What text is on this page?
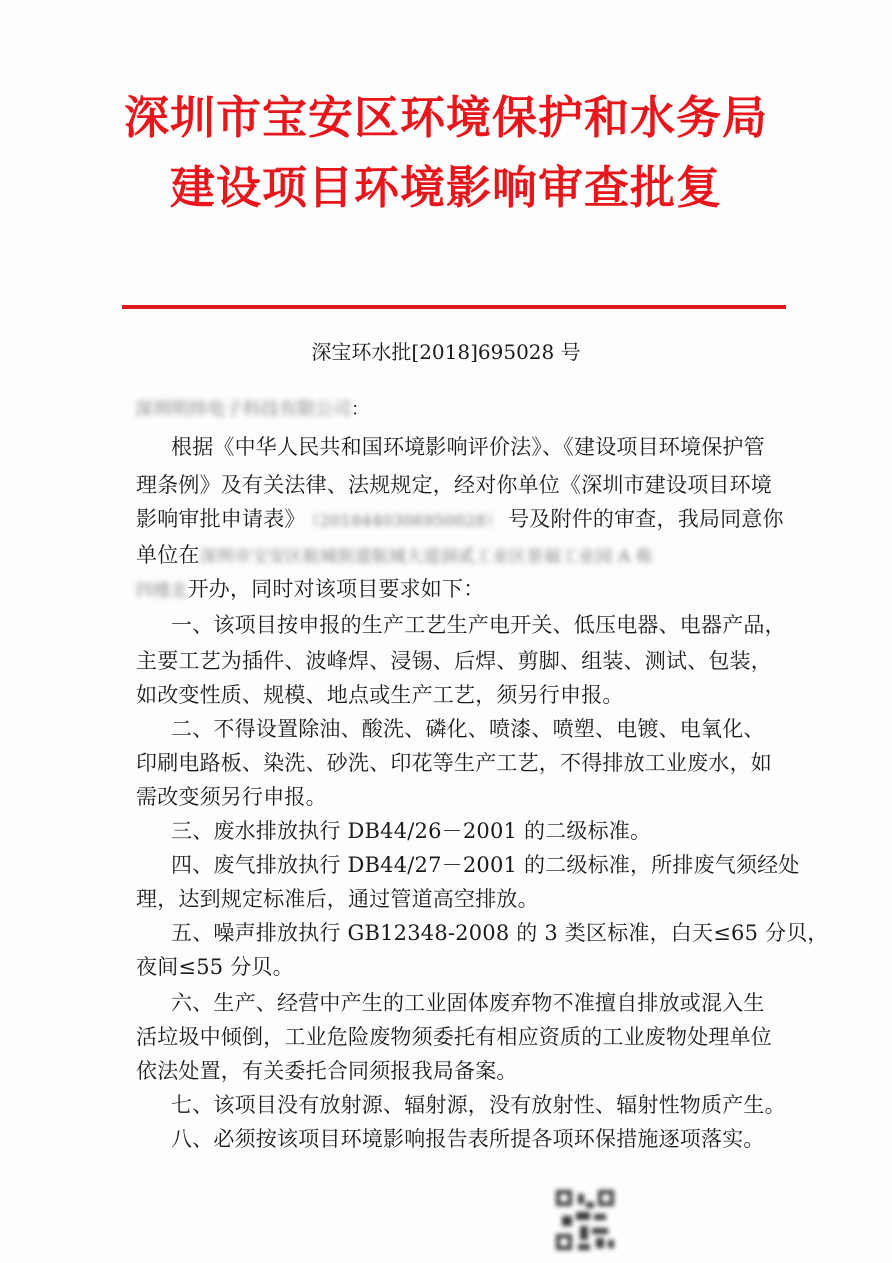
深圳市宝安区环境保护和水务局
建设项目环境影响审查批复
深宝环水批[2018]695028 号
深圳明炜电子科技有限公司：
根据《中华人民共和国环境影响评价法》、《建设项目环境保护管
理条例》及有关法律、法规规定，经对你单位《深圳市建设项目环境
影响审批申请表》 （2018440306950028） 号及附件的审查，我局同意你
单位在深圳市宝安区航城街道航城大道洞贰工业区景福工业园 A 栋
四楼北开办，同时对该项目要求如下：
一、该项目按申报的生产工艺生产电开关、低压电器、电器产品，
主要工艺为插件、波峰焊、浸锡、后焊、剪脚、组装、测试、包装，
如改变性质、规模、地点或生产工艺，须另行申报。
二、不得设置除油、酸洗、磷化、喷漆、喷塑、电镀、电氧化、
印刷电路板、染洗、砂洗、印花等生产工艺，不得排放工业废水，如
需改变须另行申报。
三、废水排放执行 DB44/26－2001 的二级标准。
四、废气排放执行 DB44/27－2001 的二级标准，所排废气须经处
理，达到规定标准后，通过管道高空排放。
五、噪声排放执行 GB12348-2008 的 3 类区标准，白天≤65 分贝，
夜间≤55 分贝。
六、生产、经营中产生的工业固体废弃物不准擅自排放或混入生
活垃圾中倾倒，工业危险废物须委托有相应资质的工业废物处理单位
依法处置，有关委托合同须报我局备案。
七、该项目没有放射源、辐射源，没有放射性、辐射性物质产生。
八、必须按该项目环境影响报告表所提各项环保措施逐项落实。
